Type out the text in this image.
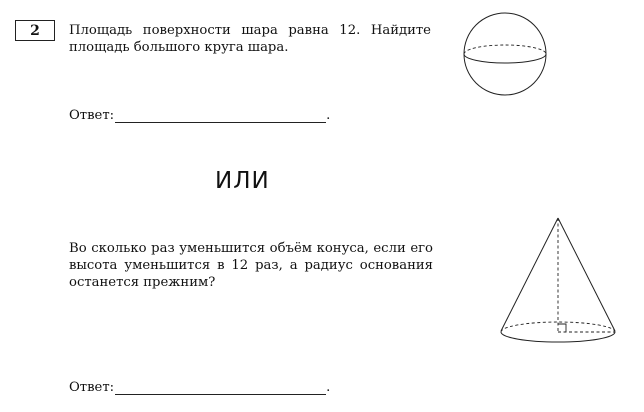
2 Площадь поверхности шара равна 12. Найдите площадь большого круга шара.
Ответ:	.
ИЛИ
Во сколько раз уменьшится объём конуса, если его высота уменьшится в 12 раз, а радиус основания останется прежним?
Ответ:	.
